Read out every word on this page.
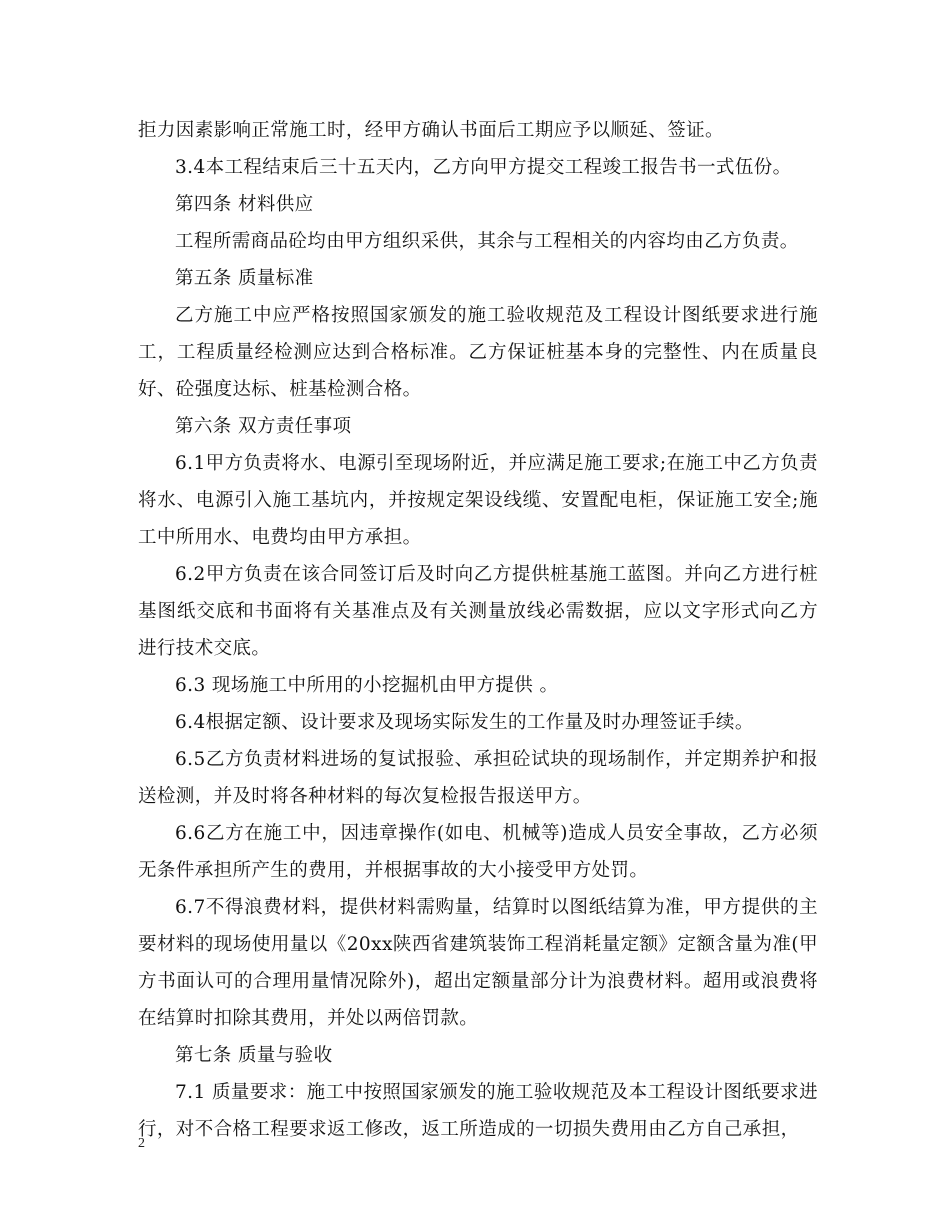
拒力因素影响正常施工时，经甲方确认书面后工期应予以顺延、签证。

3.4本工程结束后三十五天内，乙方向甲方提交工程竣工报告书一式伍份。

第四条 材料供应

工程所需商品砼均由甲方组织采供，其余与工程相关的内容均由乙方负责。

第五条 质量标准

乙方施工中应严格按照国家颁发的施工验收规范及工程设计图纸要求进行施工，工程质量经检测应达到合格标准。乙方保证桩基本身的完整性、内在质量良好、砼强度达标、桩基检测合格。

第六条 双方责任事项

6.1甲方负责将水、电源引至现场附近，并应满足施工要求;在施工中乙方负责将水、电源引入施工基坑内，并按规定架设线缆、安置配电柜，保证施工安全;施工中所用水、电费均由甲方承担。

6.2甲方负责在该合同签订后及时向乙方提供桩基施工蓝图。并向乙方进行桩基图纸交底和书面将有关基准点及有关测量放线必需数据，应以文字形式向乙方进行技术交底。

6.3 现场施工中所用的小挖掘机由甲方提供 。

6.4根据定额、设计要求及现场实际发生的工作量及时办理签证手续。

6.5乙方负责材料进场的复试报验、承担砼试块的现场制作，并定期养护和报送检测，并及时将各种材料的每次复检报告报送甲方。

6.6乙方在施工中，因违章操作(如电、机械等)造成人员安全事故，乙方必须无条件承担所产生的费用，并根据事故的大小接受甲方处罚。

6.7不得浪费材料，提供材料需购量，结算时以图纸结算为准，甲方提供的主要材料的现场使用量以《20xx陕西省建筑装饰工程消耗量定额》定额含量为准(甲方书面认可的合理用量情况除外)，超出定额量部分计为浪费材料。超用或浪费将在结算时扣除其费用，并处以两倍罚款。

第七条 质量与验收

7.1 质量要求：施工中按照国家颁发的施工验收规范及本工程设计图纸要求进行，对不合格工程要求返工修改，返工所造成的一切损失费用由乙方自己承担，

2
